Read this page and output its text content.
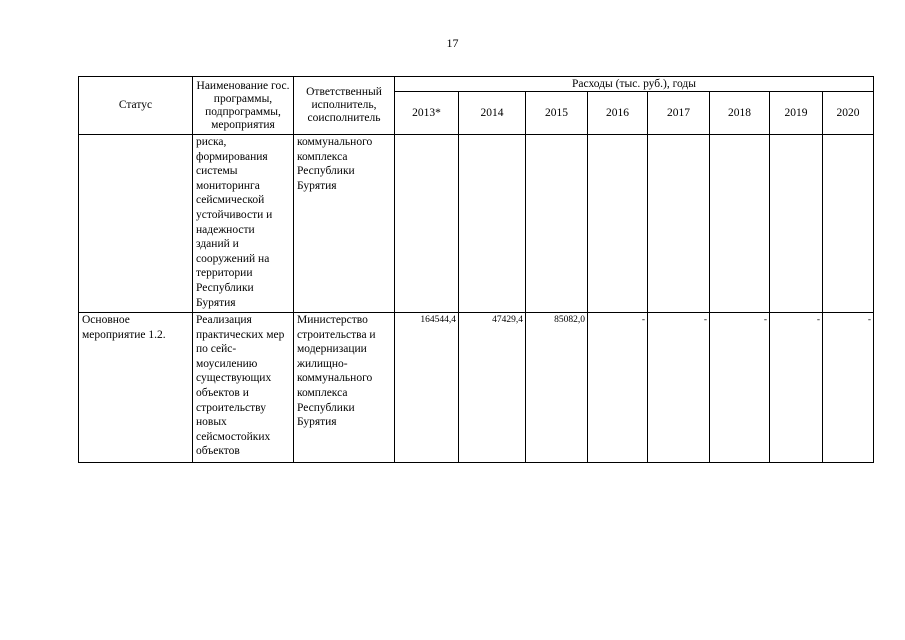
17
Статус	Наименование гос. программы, подпрограммы, мероприятия	Ответственный исполнитель, соисполнитель	Расходы (тыс. руб.), годы							
			2013*	2014	2015	2016	2017	2018	2019	2020
	риска, формирования системы мониторинга сейсмической устойчивости и надежности зданий и сооружений на территории Республики Бурятия	коммунального комплекса Республики Бурятия								
Основное мероприятие 1.2.	Реализация практических мер по сейс-моусилению существующих объектов и строительству новых сейсмостойких объектов	Министерство строительства и модернизации жилищно-коммунального комплекса Республики Бурятия	164544,4	47429,4	85082,0	-	-	-	-	-
